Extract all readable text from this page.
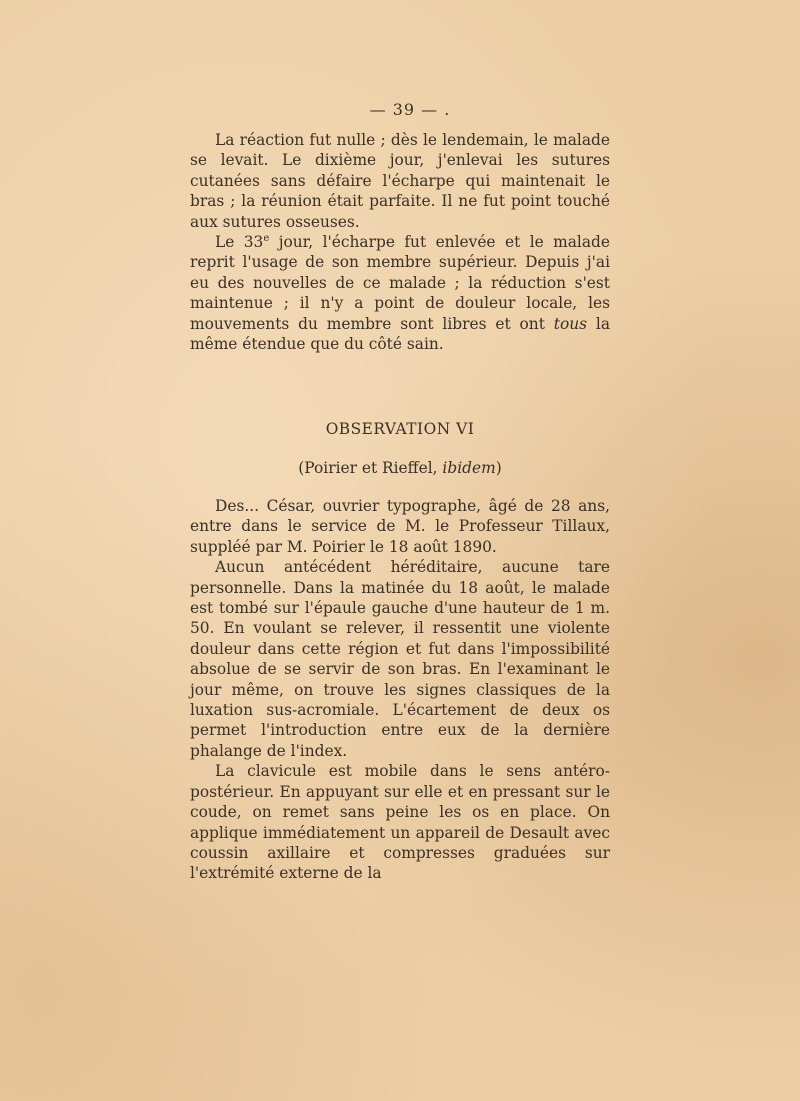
— 39 — .

La réaction fut nulle ; dès le lendemain, le malade se levait. Le dixième jour, j'enlevai les sutures cutanées sans défaire l'écharpe qui maintenait le bras ; la réunion était parfaite. Il ne fut point touché aux sutures osseuses.

Le 33e jour, l'écharpe fut enlevée et le malade reprit l'usage de son membre supérieur. Depuis j'ai eu des nouvelles de ce malade ; la réduction s'est maintenue ; il n'y a point de douleur locale, les mouvements du membre sont libres et ont tous la même étendue que du côté sain.

OBSERVATION VI
(Poirier et Rieffel, ibidem)

Des... César, ouvrier typographe, âgé de 28 ans, entre dans le service de M. le Professeur Tillaux, suppléé par M. Poirier le 18 août 1890.

Aucun antécédent héréditaire, aucune tare personnelle. Dans la matinée du 18 août, le malade est tombé sur l'épaule gauche d'une hauteur de 1 m. 50. En voulant se relever, il ressentit une violente douleur dans cette région et fut dans l'impossibilité absolue de se servir de son bras. En l'examinant le jour même, on trouve les signes classiques de la luxation sus-acromiale. L'écartement de deux os permet l'introduction entre eux de la dernière phalange de l'index.

La clavicule est mobile dans le sens antéro-postérieur. En appuyant sur elle et en pressant sur le coude, on remet sans peine les os en place. On applique immédiatement un appareil de Desault avec coussin axillaire et compresses graduées sur l'extrémité externe de la
